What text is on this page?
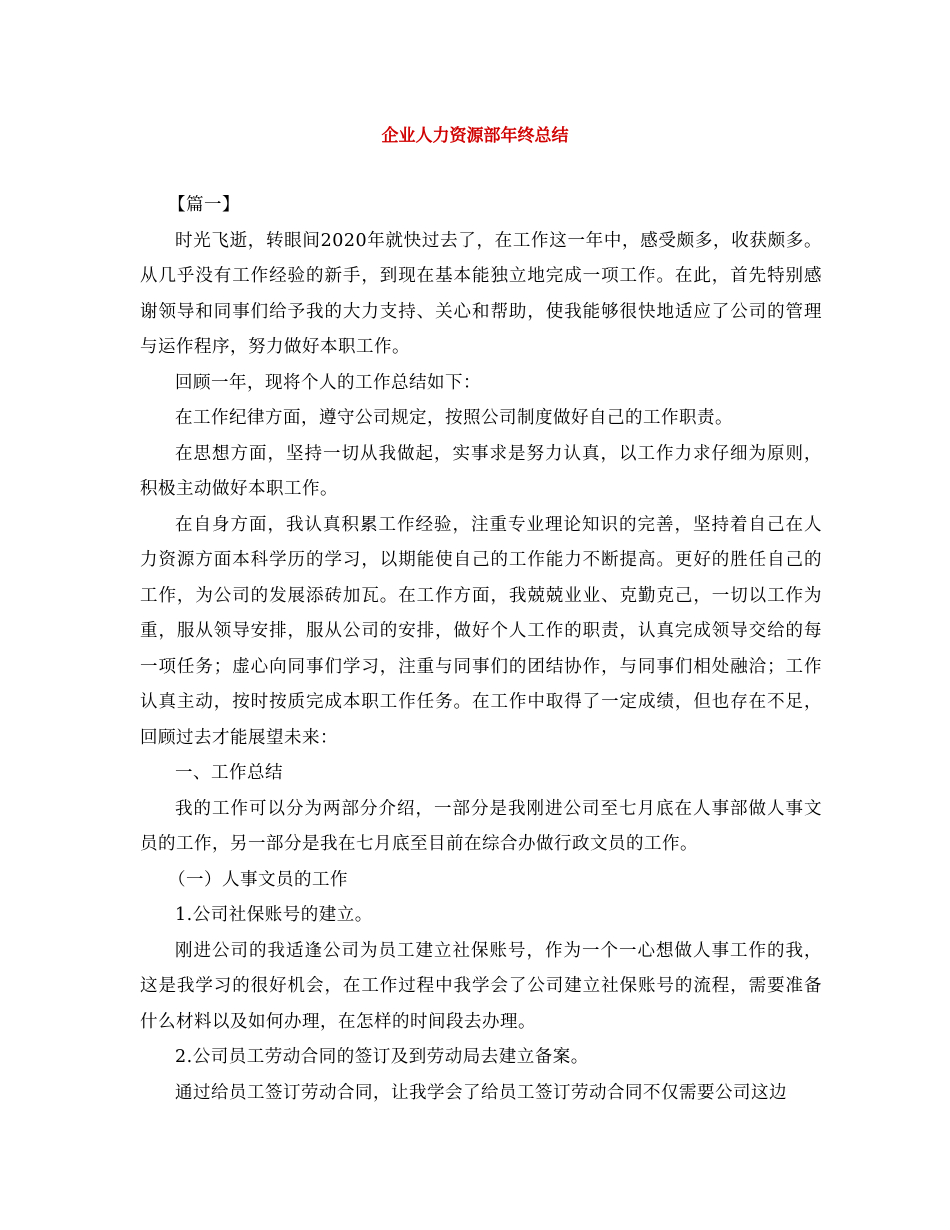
企业人力资源部年终总结

【篇一】

时光飞逝，转眼间2020年就快过去了，在工作这一年中，感受颇多，收获颇多。从几乎没有工作经验的新手，到现在基本能独立地完成一项工作。在此，首先特别感谢领导和同事们给予我的大力支持、关心和帮助，使我能够很快地适应了公司的管理与运作程序，努力做好本职工作。

回顾一年，现将个人的工作总结如下：

在工作纪律方面，遵守公司规定，按照公司制度做好自己的工作职责。

在思想方面，坚持一切从我做起，实事求是努力认真，以工作力求仔细为原则，积极主动做好本职工作。

在自身方面，我认真积累工作经验，注重专业理论知识的完善，坚持着自己在人力资源方面本科学历的学习，以期能使自己的工作能力不断提高。更好的胜任自己的工作，为公司的发展添砖加瓦。在工作方面，我兢兢业业、克勤克己，一切以工作为重，服从领导安排，服从公司的安排，做好个人工作的职责，认真完成领导交给的每一项任务；虚心向同事们学习，注重与同事们的团结协作，与同事们相处融洽；工作认真主动，按时按质完成本职工作任务。在工作中取得了一定成绩，但也存在不足，回顾过去才能展望未来：

一、工作总结

我的工作可以分为两部分介绍，一部分是我刚进公司至七月底在人事部做人事文员的工作，另一部分是我在七月底至目前在综合办做行政文员的工作。

（一）人事文员的工作

1.公司社保账号的建立。

刚进公司的我适逢公司为员工建立社保账号，作为一个一心想做人事工作的我，这是我学习的很好机会，在工作过程中我学会了公司建立社保账号的流程，需要准备什么材料以及如何办理，在怎样的时间段去办理。

2.公司员工劳动合同的签订及到劳动局去建立备案。

通过给员工签订劳动合同，让我学会了给员工签订劳动合同不仅需要公司这边
